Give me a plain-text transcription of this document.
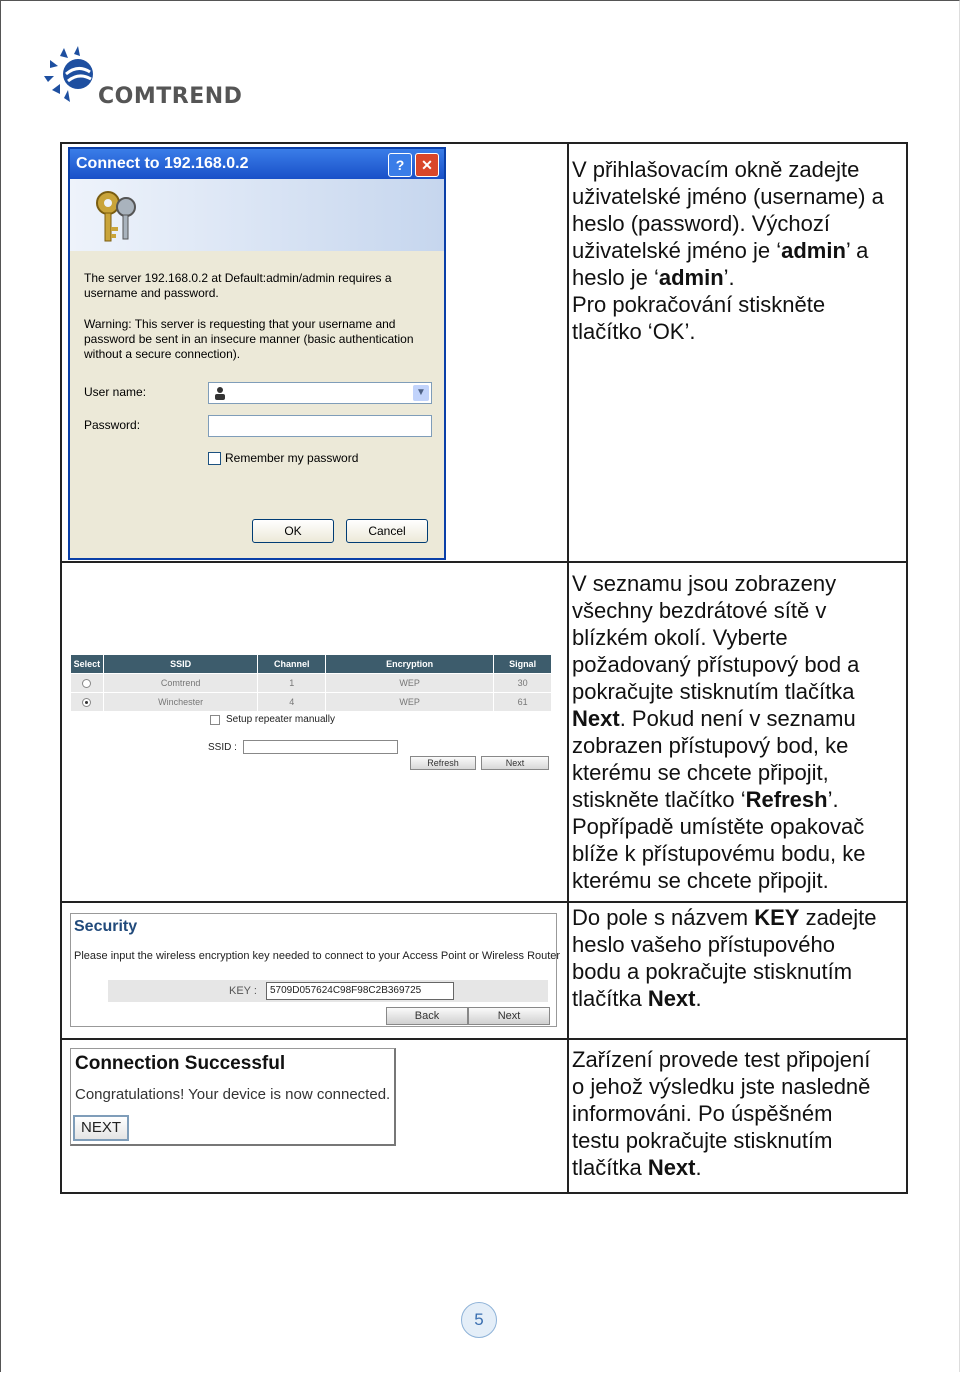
COMTREND
Connect to 192.168.0.2	?	✕
The server 192.168.0.2 at Default:admin/admin requires a username and password.
Warning: This server is requesting that your username and password be sent in an insecure manner (basic authentication without a secure connection).
User name:	▼
Password:
Remember my password
OK	Cancel
V přihlašovacím okně zadejte
uživatelské jméno (username) a
heslo (password). Výchozí
uživatelské jméno je ‘admin’ a
heslo je ‘admin’.
Pro pokračování stiskněte
tlačítko ‘OK’.
Select	SSID	Channel	Encryption	Signal
	Comtrend	1	WEP	30
	Winchester	4	WEP	61
Setup repeater manually
SSID :
Refresh	Next
V seznamu jsou zobrazeny
všechny bezdrátové sítě v
blízkém okolí. Vyberte
požadovaný přístupový bod a
pokračujte stisknutím tlačítka
Next. Pokud není v seznamu
zobrazen přístupový bod, ke
kterému se chcete připojit,
stiskněte tlačítko ‘Refresh’.
Popřípadě umístěte opakovač
blíže k přístupovému bodu, ke
kterému se chcete připojit.
Security
Please input the wireless encryption key needed to connect to your Access Point or Wireless Router
KEY :	5709D057624C98F98C2B369725
Back	Next
Do pole s názvem KEY zadejte
heslo vašeho přístupového
bodu a pokračujte stisknutím
tlačítka Next.
Connection Successful
Congratulations! Your device is now connected.
NEXT
Zařízení provede test připojení
o jehož výsledku jste nasledně
informováni. Po úspěšném
testu pokračujte stisknutím
tlačítka Next.
5
